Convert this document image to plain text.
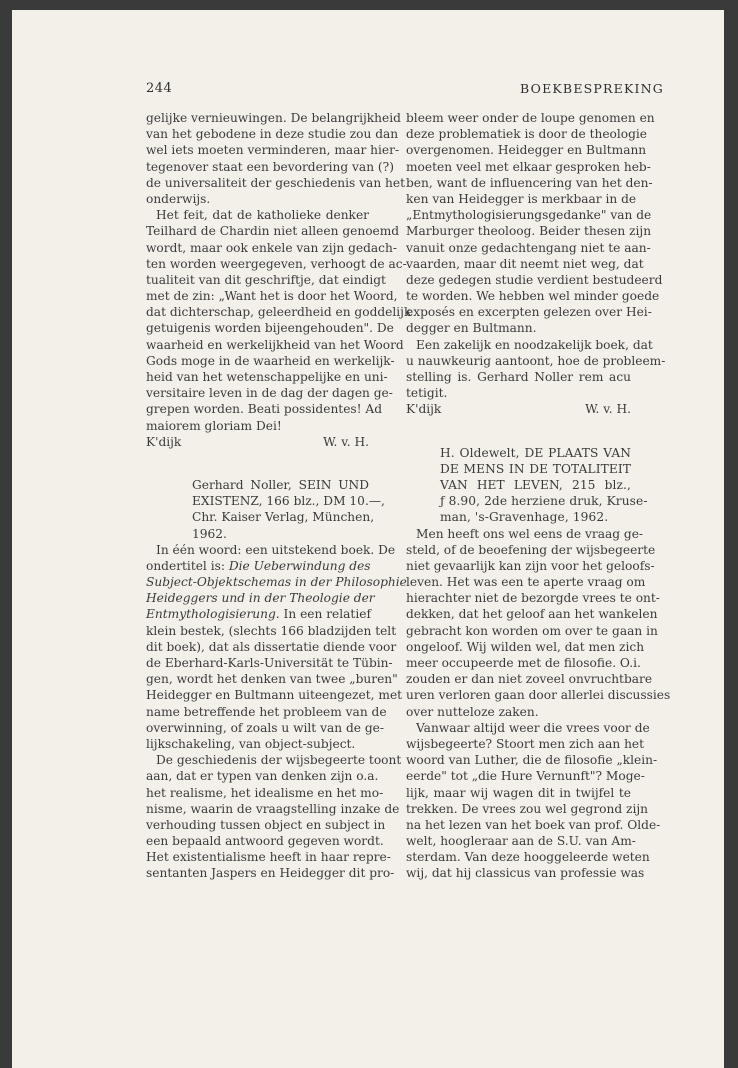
244	BOEKBESPREKING
gelijke vernieuwingen. De belangrijkheid
van het gebodene in deze studie zou dan
wel iets moeten verminderen, maar hier-
tegenover staat een bevordering van (?)
de universaliteit der geschiedenis van het
onderwijs.
Het feit, dat de katholieke denker
Teilhard de Chardin niet alleen genoemd
wordt, maar ook enkele van zijn gedach-
ten worden weergegeven, verhoogt de ac-
tualiteit van dit geschriftje, dat eindigt
met de zin: „Want het is door het Woord,
dat dichterschap, geleerdheid en goddelijk
getuigenis worden bijeengehouden". De
waarheid en werkelijkheid van het Woord
Gods moge in de waarheid en werkelijk-
heid van het wetenschappelijke en uni-
versitaire leven in de dag der dagen ge-
grepen worden. Beati possidentes! Ad
maiorem gloriam Dei!
K'dijk	W. v. H.
Gerhard Noller, SEIN UND
EXISTENZ, 166 blz., DM 10.—,
Chr. Kaiser Verlag, München,
1962.
In één woord: een uitstekend boek. De
ondertitel is: Die Ueberwindung des
Subject-Objektschemas in der Philosophie
Heideggers und in der Theologie der
Entmythologisierung. In een relatief
klein bestek, (slechts 166 bladzijden telt
dit boek), dat als dissertatie diende voor
de Eberhard-Karls-Universität te Tübin-
gen, wordt het denken van twee „buren"
Heidegger en Bultmann uiteengezet, met
name betreffende het probleem van de
overwinning, of zoals u wilt van de ge-
lijkschakeling, van object-subject.
De geschiedenis der wijsbegeerte toont
aan, dat er typen van denken zijn o.a.
het realisme, het idealisme en het mo-
nisme, waarin de vraagstelling inzake de
verhouding tussen object en subject in
een bepaald antwoord gegeven wordt.
Het existentialisme heeft in haar repre-
sentanten Jaspers en Heidegger dit pro-
bleem weer onder de loupe genomen en
deze problematiek is door de theologie
overgenomen. Heidegger en Bultmann
moeten veel met elkaar gesproken heb-
ben, want de influencering van het den-
ken van Heidegger is merkbaar in de
„Entmythologisierungsgedanke" van de
Marburger theoloog. Beider thesen zijn
vanuit onze gedachtengang niet te aan-
vaarden, maar dit neemt niet weg, dat
deze gedegen studie verdient bestudeerd
te worden. We hebben wel minder goede
exposés en excerpten gelezen over Hei-
degger en Bultmann.
Een zakelijk en noodzakelijk boek, dat
u nauwkeurig aantoont, hoe de probleem-
stelling is. Gerhard Noller rem acu
tetigit.
K'dijk	W. v. H.
H. Oldewelt, DE PLAATS VAN
DE MENS IN DE TOTALITEIT
VAN HET LEVEN, 215 blz.,
ƒ 8.90, 2de herziene druk, Kruse-
man, 's-Gravenhage, 1962.
Men heeft ons wel eens de vraag ge-
steld, of de beoefening der wijsbegeerte
niet gevaarlijk kan zijn voor het geloofs-
leven. Het was een te aperte vraag om
hierachter niet de bezorgde vrees te ont-
dekken, dat het geloof aan het wankelen
gebracht kon worden om over te gaan in
ongeloof. Wij wilden wel, dat men zich
meer occupeerde met de filosofie. O.i.
zouden er dan niet zoveel onvruchtbare
uren verloren gaan door allerlei discussies
over nutteloze zaken.
Vanwaar altijd weer die vrees voor de
wijsbegeerte? Stoort men zich aan het
woord van Luther, die de filosofie „klein-
eerde" tot „die Hure Vernunft"? Moge-
lijk, maar wij wagen dit in twijfel te
trekken. De vrees zou wel gegrond zijn
na het lezen van het boek van prof. Olde-
welt, hoogleraar aan de S.U. van Am-
sterdam. Van deze hooggeleerde weten
wij, dat hij classicus van professie was
